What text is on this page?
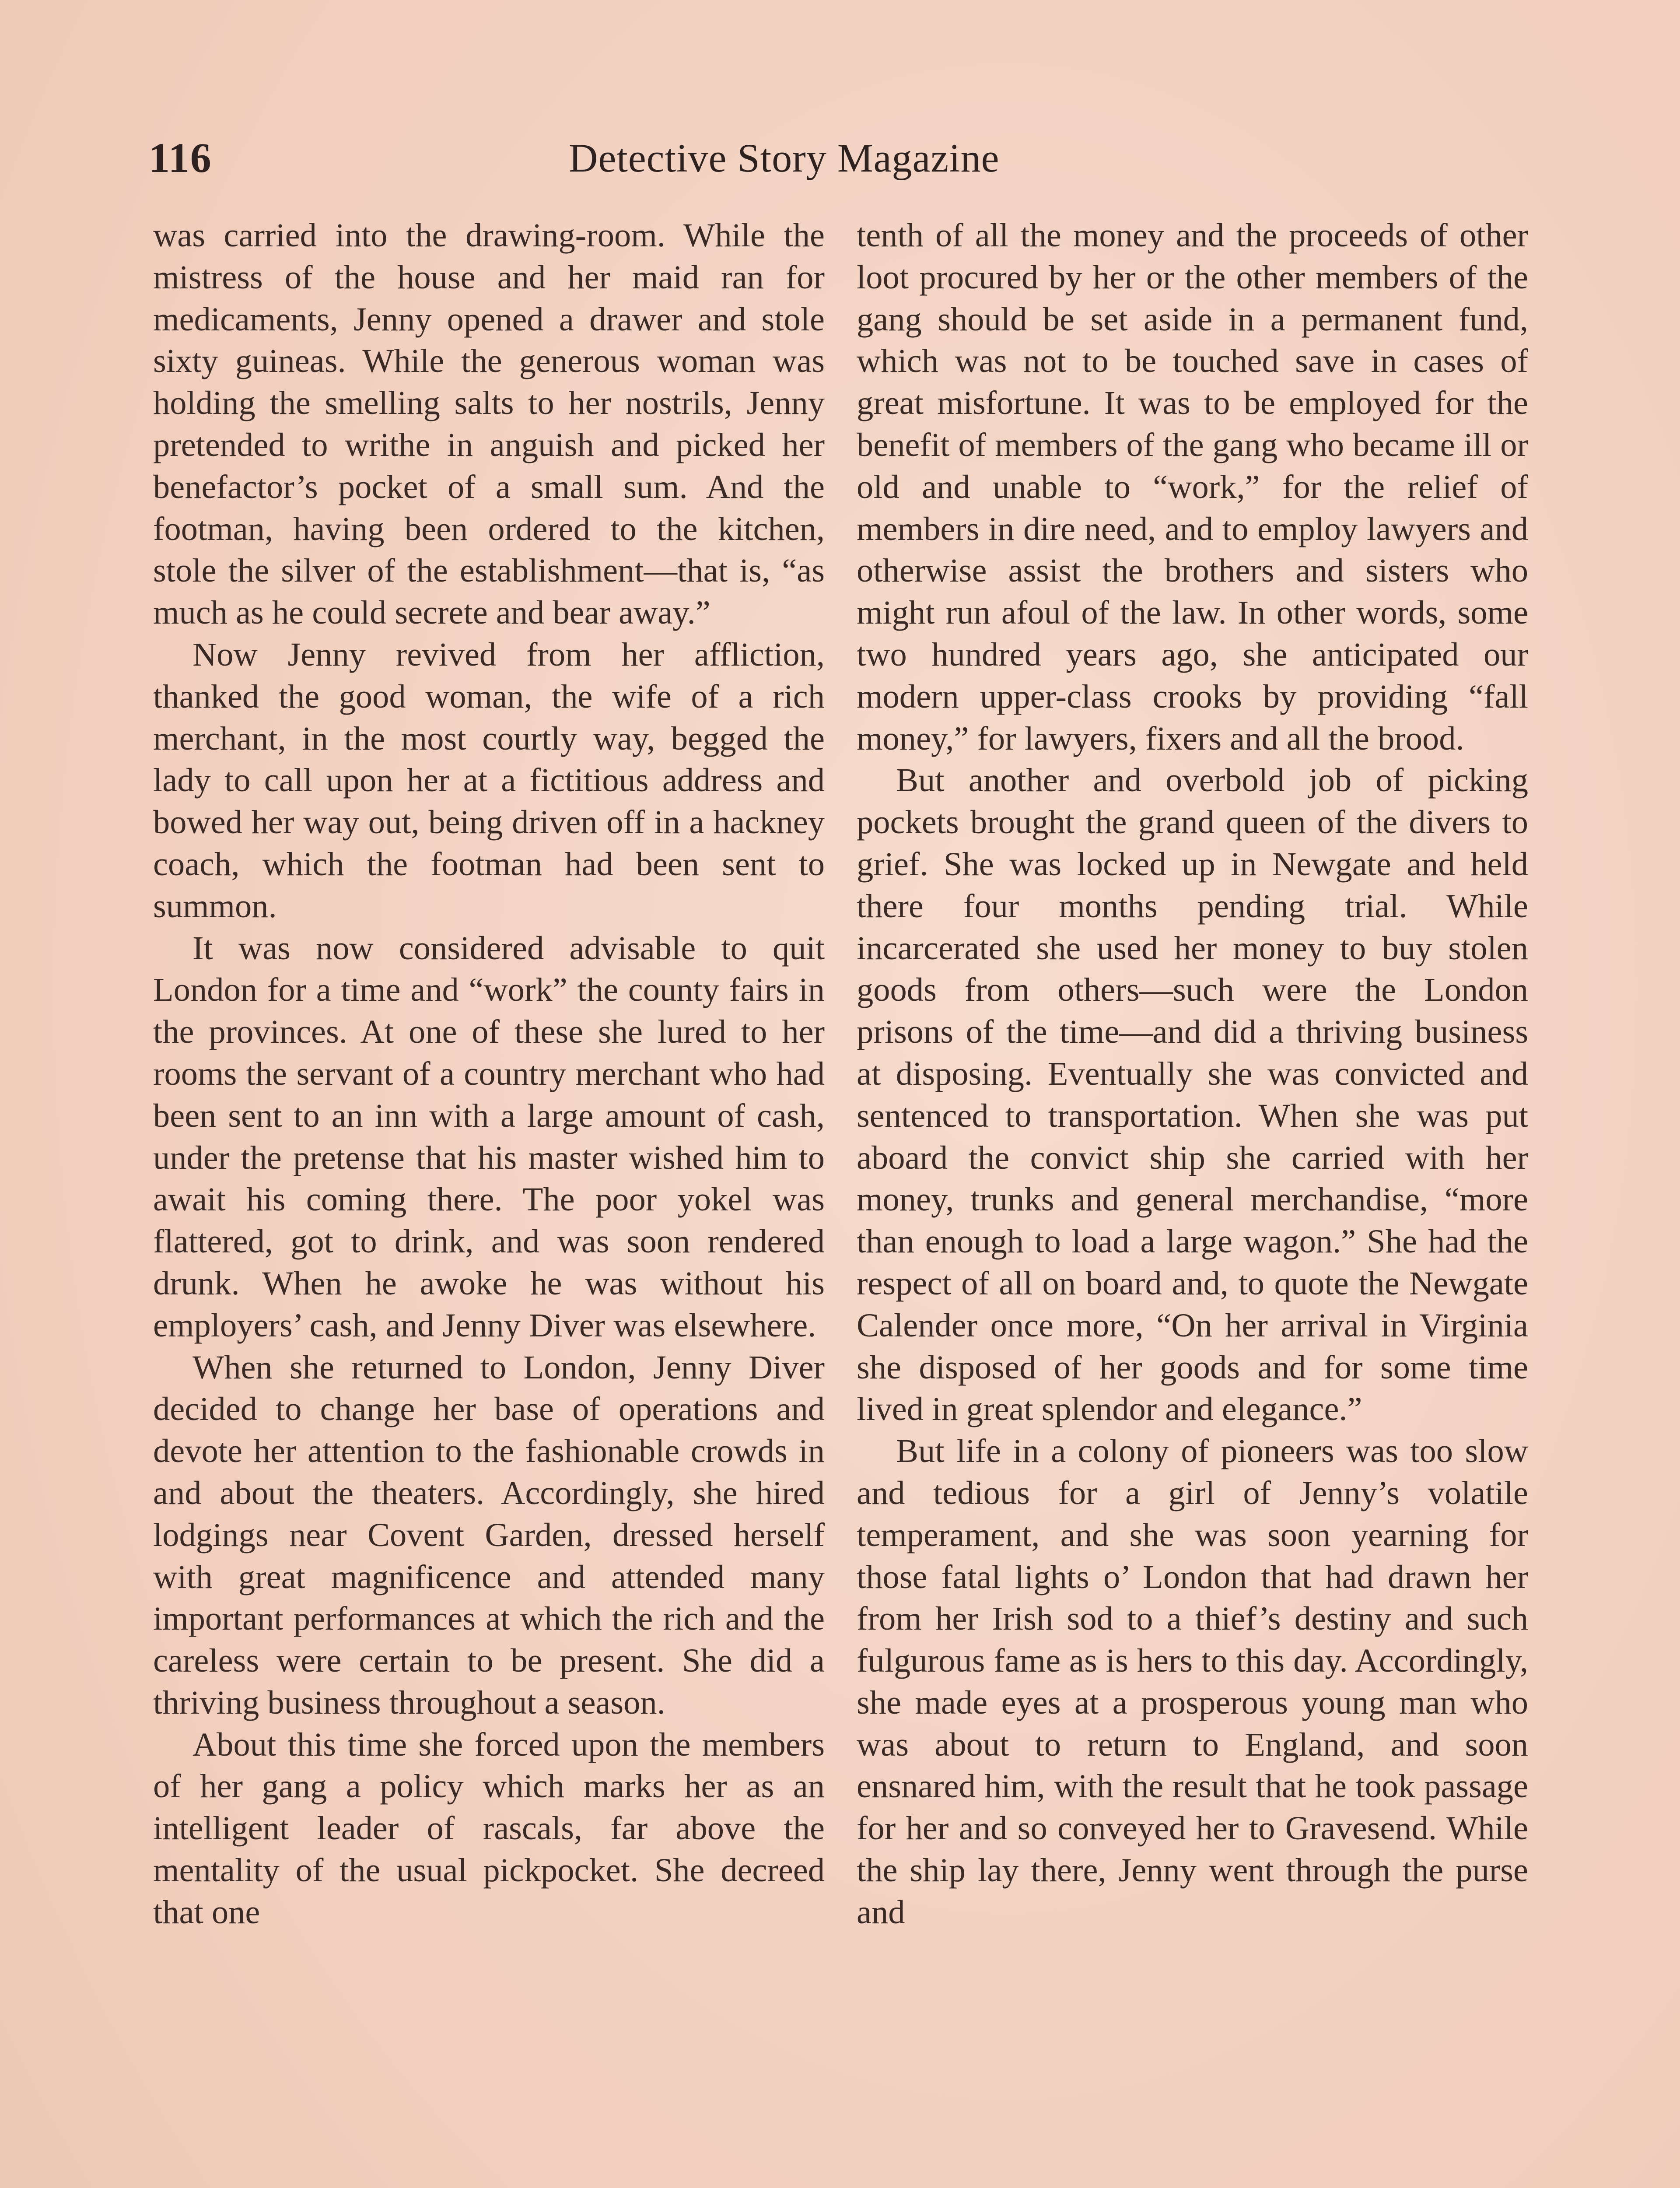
116	Detective Story Magazine

was carried into the drawing-room. While the mistress of the house and her maid ran for medicaments, Jenny opened a drawer and stole sixty guineas. While the generous woman was holding the smelling salts to her nostrils, Jenny pretended to writhe in anguish and picked her benefactor’s pocket of a small sum. And the footman, having been ordered to the kitchen, stole the silver of the establishment—that is, “as much as he could secrete and bear away.”

Now Jenny revived from her affliction, thanked the good woman, the wife of a rich merchant, in the most courtly way, begged the lady to call upon her at a fictitious address and bowed her way out, being driven off in a hackney coach, which the footman had been sent to summon.

It was now considered advisable to quit London for a time and “work” the county fairs in the provinces. At one of these she lured to her rooms the servant of a country merchant who had been sent to an inn with a large amount of cash, under the pretense that his master wished him to await his coming there. The poor yokel was flattered, got to drink, and was soon rendered drunk. When he awoke he was without his employers’ cash, and Jenny Diver was elsewhere.

When she returned to London, Jenny Diver decided to change her base of operations and devote her attention to the fashionable crowds in and about the theaters. Accordingly, she hired lodgings near Covent Garden, dressed herself with great magnificence and attended many important performances at which the rich and the careless were certain to be present. She did a thriving business throughout a season.

About this time she forced upon the members of her gang a policy which marks her as an intelligent leader of rascals, far above the mentality of the usual pickpocket. She decreed that one

tenth of all the money and the proceeds of other loot procured by her or the other members of the gang should be set aside in a permanent fund, which was not to be touched save in cases of great misfortune. It was to be employed for the benefit of members of the gang who became ill or old and unable to “work,” for the relief of members in dire need, and to employ lawyers and otherwise assist the brothers and sisters who might run afoul of the law. In other words, some two hundred years ago, she anticipated our modern upper-class crooks by providing “fall money,” for lawyers, fixers and all the brood.

But another and overbold job of picking pockets brought the grand queen of the divers to grief. She was locked up in Newgate and held there four months pending trial. While incarcerated she used her money to buy stolen goods from others—such were the London prisons of the time—and did a thriving business at disposing. Eventually she was convicted and sentenced to transportation. When she was put aboard the convict ship she carried with her money, trunks and general merchandise, “more than enough to load a large wagon.” She had the respect of all on board and, to quote the Newgate Calender once more, “On her arrival in Virginia she disposed of her goods and for some time lived in great splendor and elegance.”

But life in a colony of pioneers was too slow and tedious for a girl of Jenny’s volatile temperament, and she was soon yearning for those fatal lights o’ London that had drawn her from her Irish sod to a thief’s destiny and such fulgurous fame as is hers to this day. Accordingly, she made eyes at a prosperous young man who was about to return to England, and soon ensnared him, with the result that he took passage for her and so conveyed her to Gravesend. While the ship lay there, Jenny went through the purse and
